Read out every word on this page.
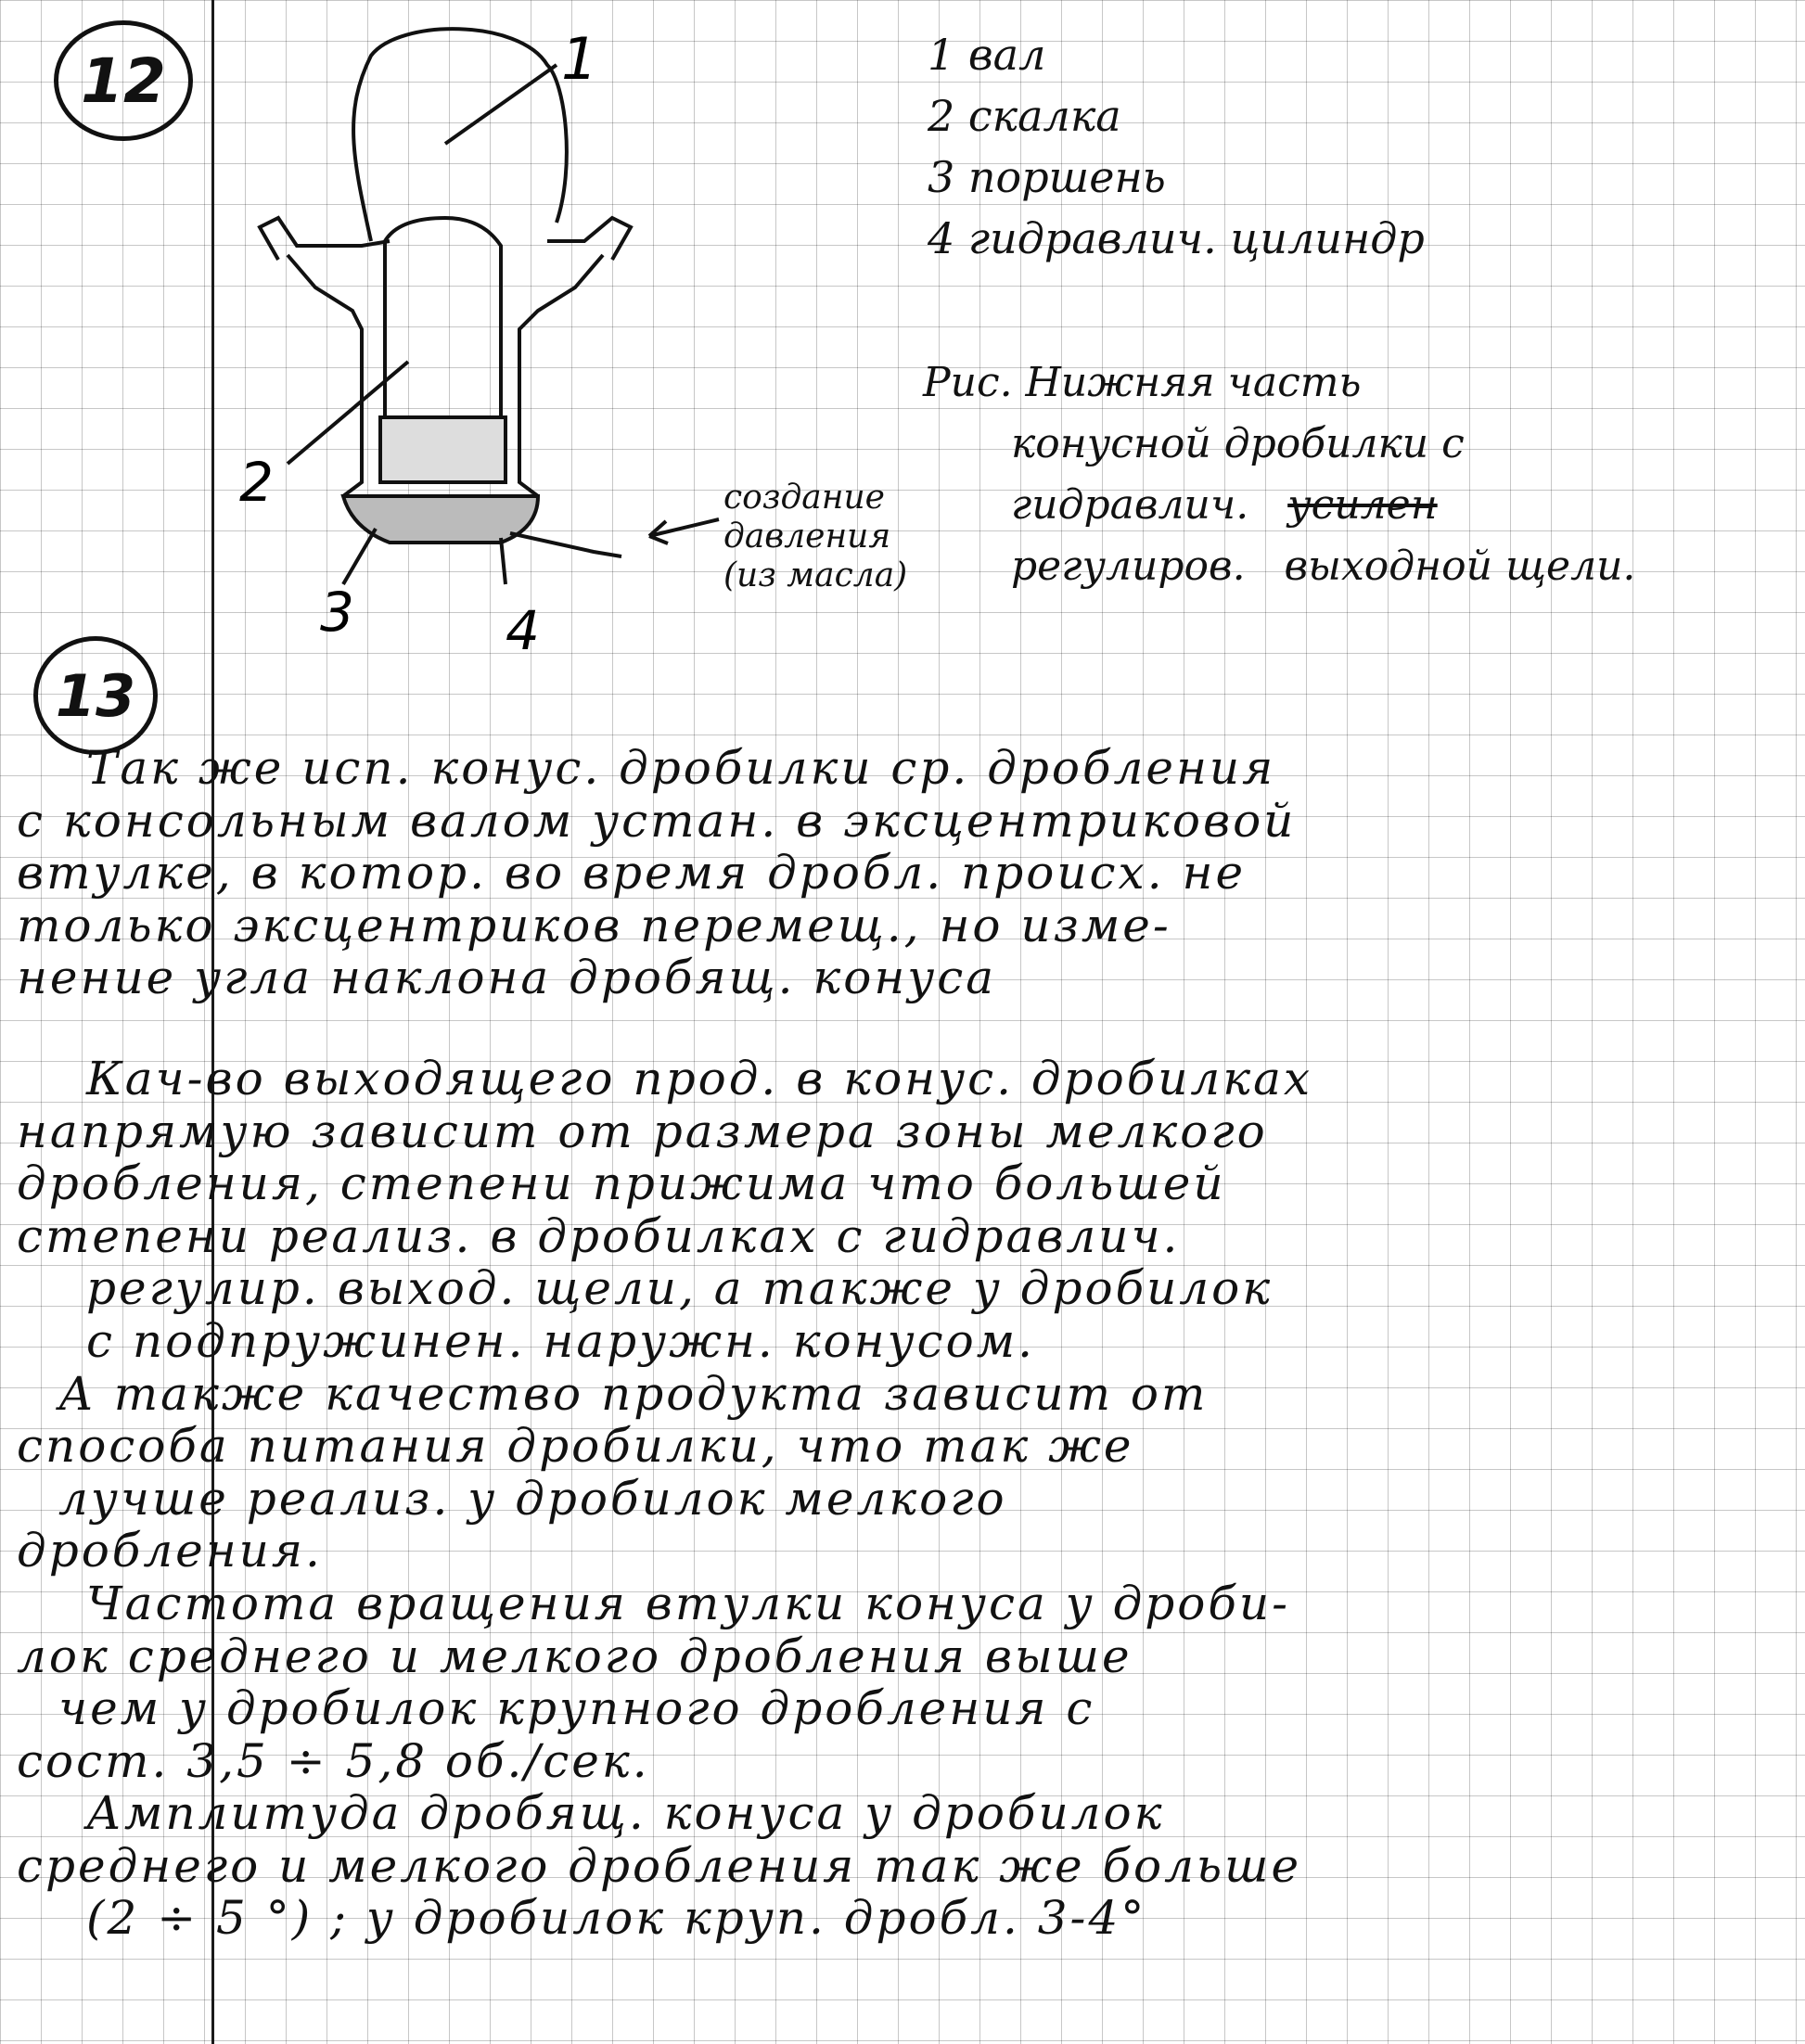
12	1
2
3	4
1 вал
2 скалка
3 поршень
4 гидравлич. цилиндр
Рис. Нижняя часть
конусной дробилки с
гидравлич. усилен
регулиров. выходной щели.
создание
давления
(из масла)
13
Так же исп. конус. дробилки ср. дробления
с консольным валом устан. в эксцентриковой
втулке, в котор. во время дробл. происх. не
только эксцентриков перемещ., но изме-
нение угла наклона дробящ. конуса
Кач-во выходящего прод. в конус. дробилках
напрямую зависит от размера зоны мелкого
дробления, степени прижима что большей
степени реализ. в дробилках с гидравлич.
регулир. выход. щели, а также у дробилок
с подпружинен. наружн. конусом.
А также качество продукта зависит от
способа питания дробилки, что так же
лучше реализ. у дробилок мелкого
дробления.
Частота вращения втулки конуса у дроби-
лок среднего и мелкого дробления выше
чем у дробилок крупного дробления с
сост. 3,5 ÷ 5,8 об./сек.
Амплитуда дробящ. конуса у дробилок
среднего и мелкого дробления так же больше
(2 ÷ 5 °) ; у дробилок круп. дробл. 3-4°
